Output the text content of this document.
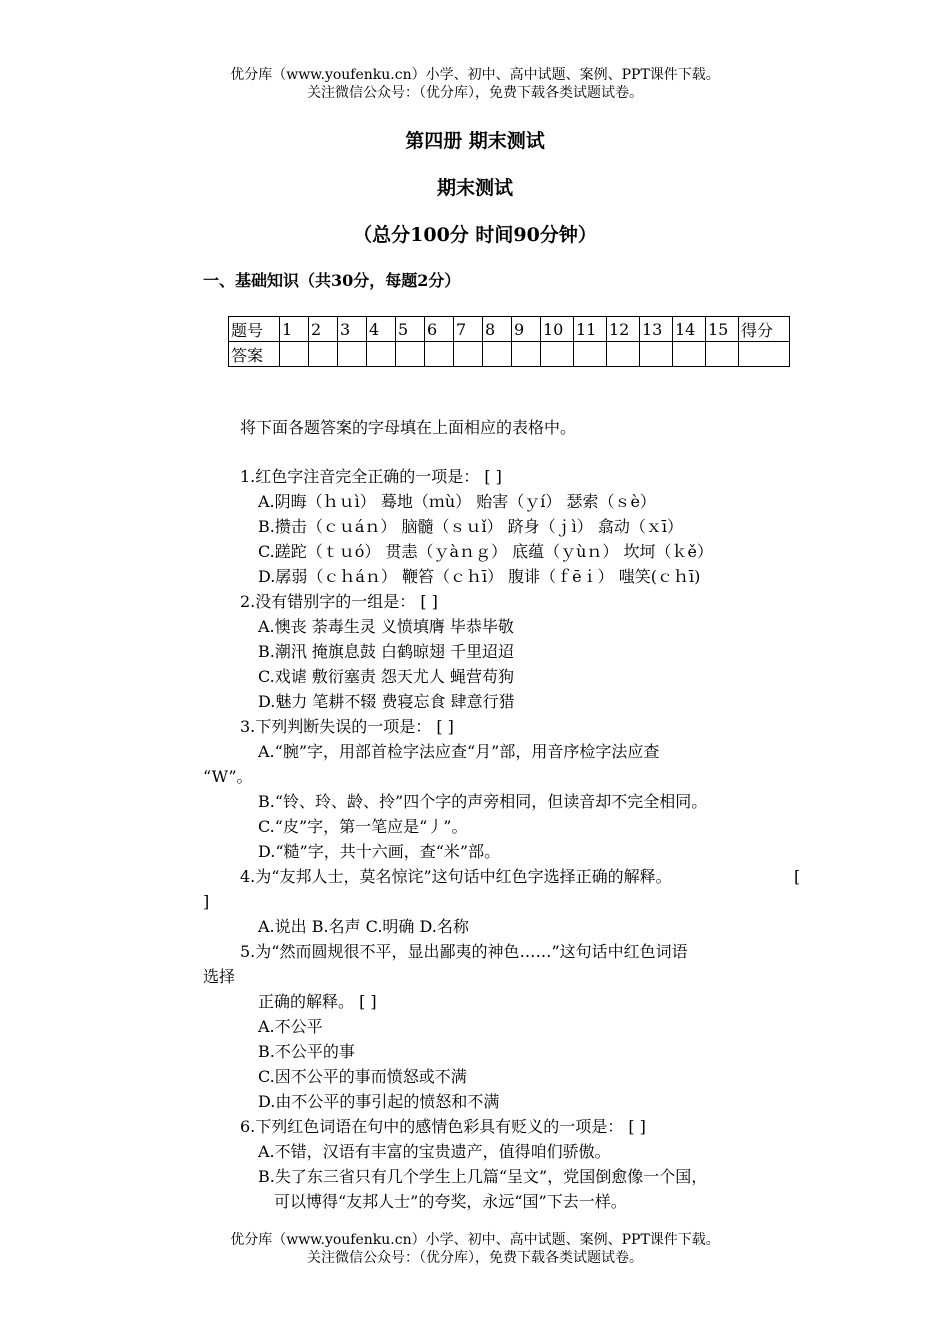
优分库（www.youfenku.cn）小学、初中、高中试题、案例、PPT课件下载。
关注微信公众号：（优分库），免费下载各类试题试卷。
第四册 期末测试
期末测试
（总分100分 时间90分钟）
一、基础知识（共30分，每题2分）
题号	1	2	3	4	5	6	7	8	9	10	11	12	13	14	15	得分
答案																
将下面各题答案的字母填在上面相应的表格中。
1.红色字注音完全正确的一项是： [ ]
A.阴晦（ｈｕì） 蓦地（ｍù） 贻害（ｙí） 瑟索（ｓè）
B.攒击（ｃｕáｎ） 脑髓（ｓｕǐ） 跻身（ｊì） 翕动（ｘī）
C.蹉跎（ｔｕó） 贯恚（ｙàｎｇ） 底蕴（ｙùｎ） 坎坷（ｋě）
D.孱弱（ｃｈáｎ） 鞭笞（ｃｈī） 腹诽（ｆēｉ） 嗤笑(ｃｈī)
2.没有错别字的一组是： [ ]
A.懊丧 荼毒生灵 义愤填膺 毕恭毕敬
B.潮汛 掩旗息鼓 白鹤晾翅 千里迢迢
C.戏谑 敷衍塞责 怨天尤人 蝇营苟狗
D.魅力 笔耕不辍 费寝忘食 肆意行猎
3.下列判断失误的一项是： [ ]
A.“腕”字，用部首检字法应查“月”部，用音序检字法应查
“W”。
B.“铃、玲、龄、拎”四个字的声旁相同，但读音却不完全相同。
C.“皮”字，第一笔应是“丿”。
D.“糙”字，共十六画，查“米”部。
4.为“友邦人士，莫名惊诧”这句话中红色字选择正确的解释。	[
]
A.说出 B.名声 C.明确 D.名称
5.为“然而圆规很不平，显出鄙夷的神色……”这句话中红色词语
选择
正确的解释。 [ ]
A.不公平
B.不公平的事
C.因不公平的事而愤怒或不满
D.由不公平的事引起的愤怒和不满
6.下列红色词语在句中的感情色彩具有贬义的一项是： [ ]
A.不错，汉语有丰富的宝贵遗产，值得咱们骄傲。
B.失了东三省只有几个学生上几篇“呈文”，党国倒愈像一个国，
可以博得“友邦人士”的夸奖，永远“国”下去一样。
优分库（www.youfenku.cn）小学、初中、高中试题、案例、PPT课件下载。
关注微信公众号：（优分库），免费下载各类试题试卷。
